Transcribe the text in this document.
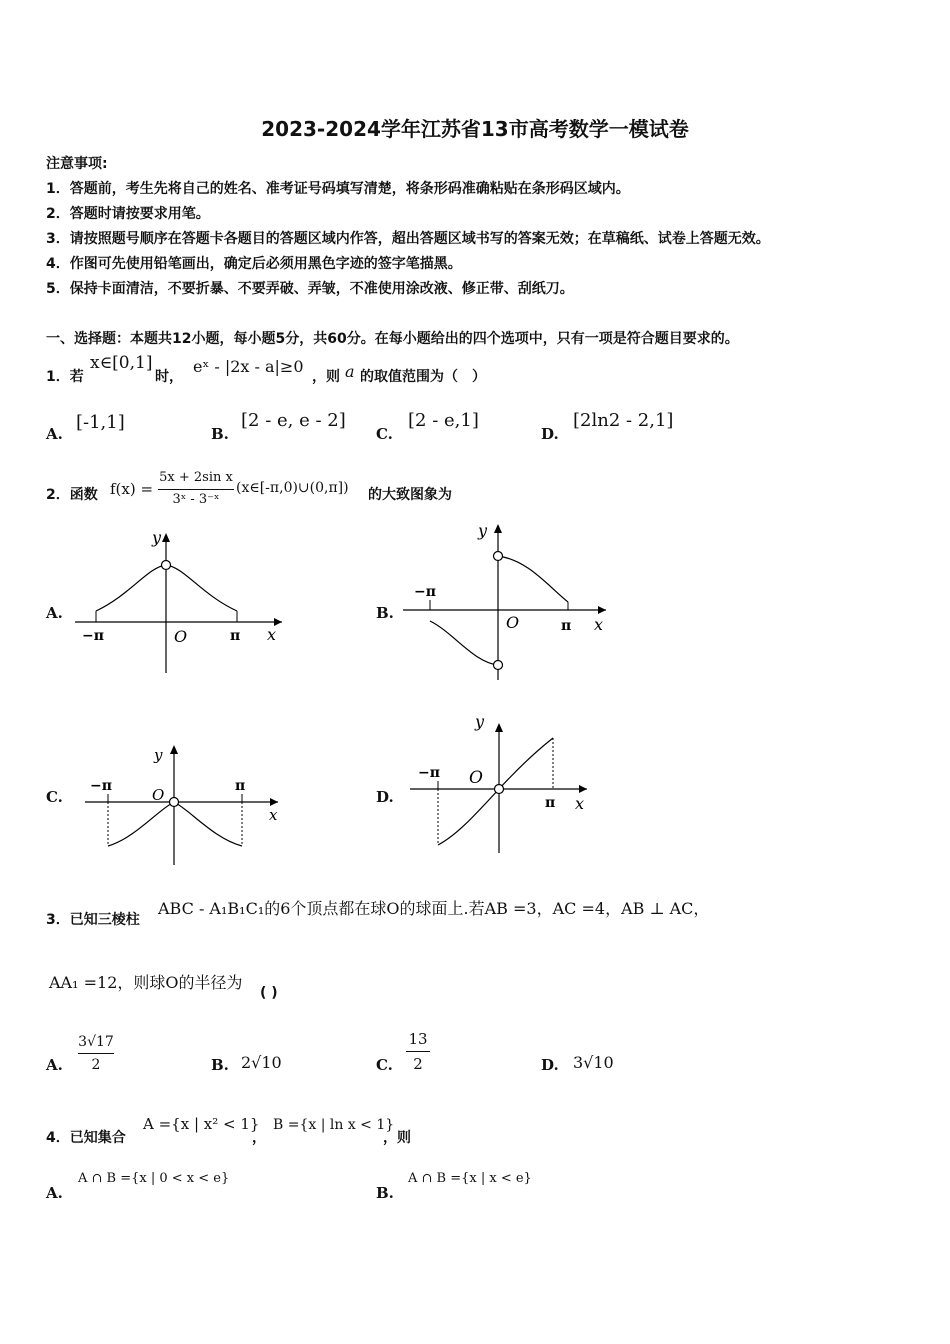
2023-2024学年江苏省13市高考数学一模试卷
注意事项:
1．答题前，考生先将自己的姓名、准考证号码填写清楚，将条形码准确粘贴在条形码区域内。
2．答题时请按要求用笔。
3．请按照题号顺序在答题卡各题目的答题区域内作答，超出答题区域书写的答案无效；在草稿纸、试卷上答题无效。
4．作图可先使用铅笔画出，确定后必须用黑色字迹的签字笔描黑。
5．保持卡面清洁，不要折暴、不要弄破、弄皱，不准使用涂改液、修正带、刮纸刀。
一、选择题：本题共12小题，每小题5分，共60分。在每小题给出的四个选项中，只有一项是符合题目要求的。
1．若
x∈[0,1]
时，
eˣ - |2x - a|≥0
，则 a 的取值范围为（　）
A.
[-1,1]
B.
[2 - e, e - 2]
C.
[2 - e,1]
D.
[2ln2 - 2,1]
2．函数 f(x) =
5x + 2sin x
3ˣ - 3⁻ˣ
(x∈[-π,0)∪(0,π]) 的大致图象为
A.
y
x
O
−π	π
B.
y
x
O
−π
π
C.
y
x
O
−π	π
D.
y
x
O
−π
π
3．已知三棱柱
ABC - A₁B₁C₁的6个顶点都在球O的球面上.若AB =3，AC =4，AB ⊥ AC，
AA₁ =12，则球O的半径为
( )
A.
3√17
2	B. 2√10	C.
13
2	D. 3√10
4．已知集合
A ={x | x² < 1}
，
B ={x | ln x < 1}
，则
A.
A ∩ B ={x | 0 < x < e}
B.
A ∩ B ={x | x < e}
